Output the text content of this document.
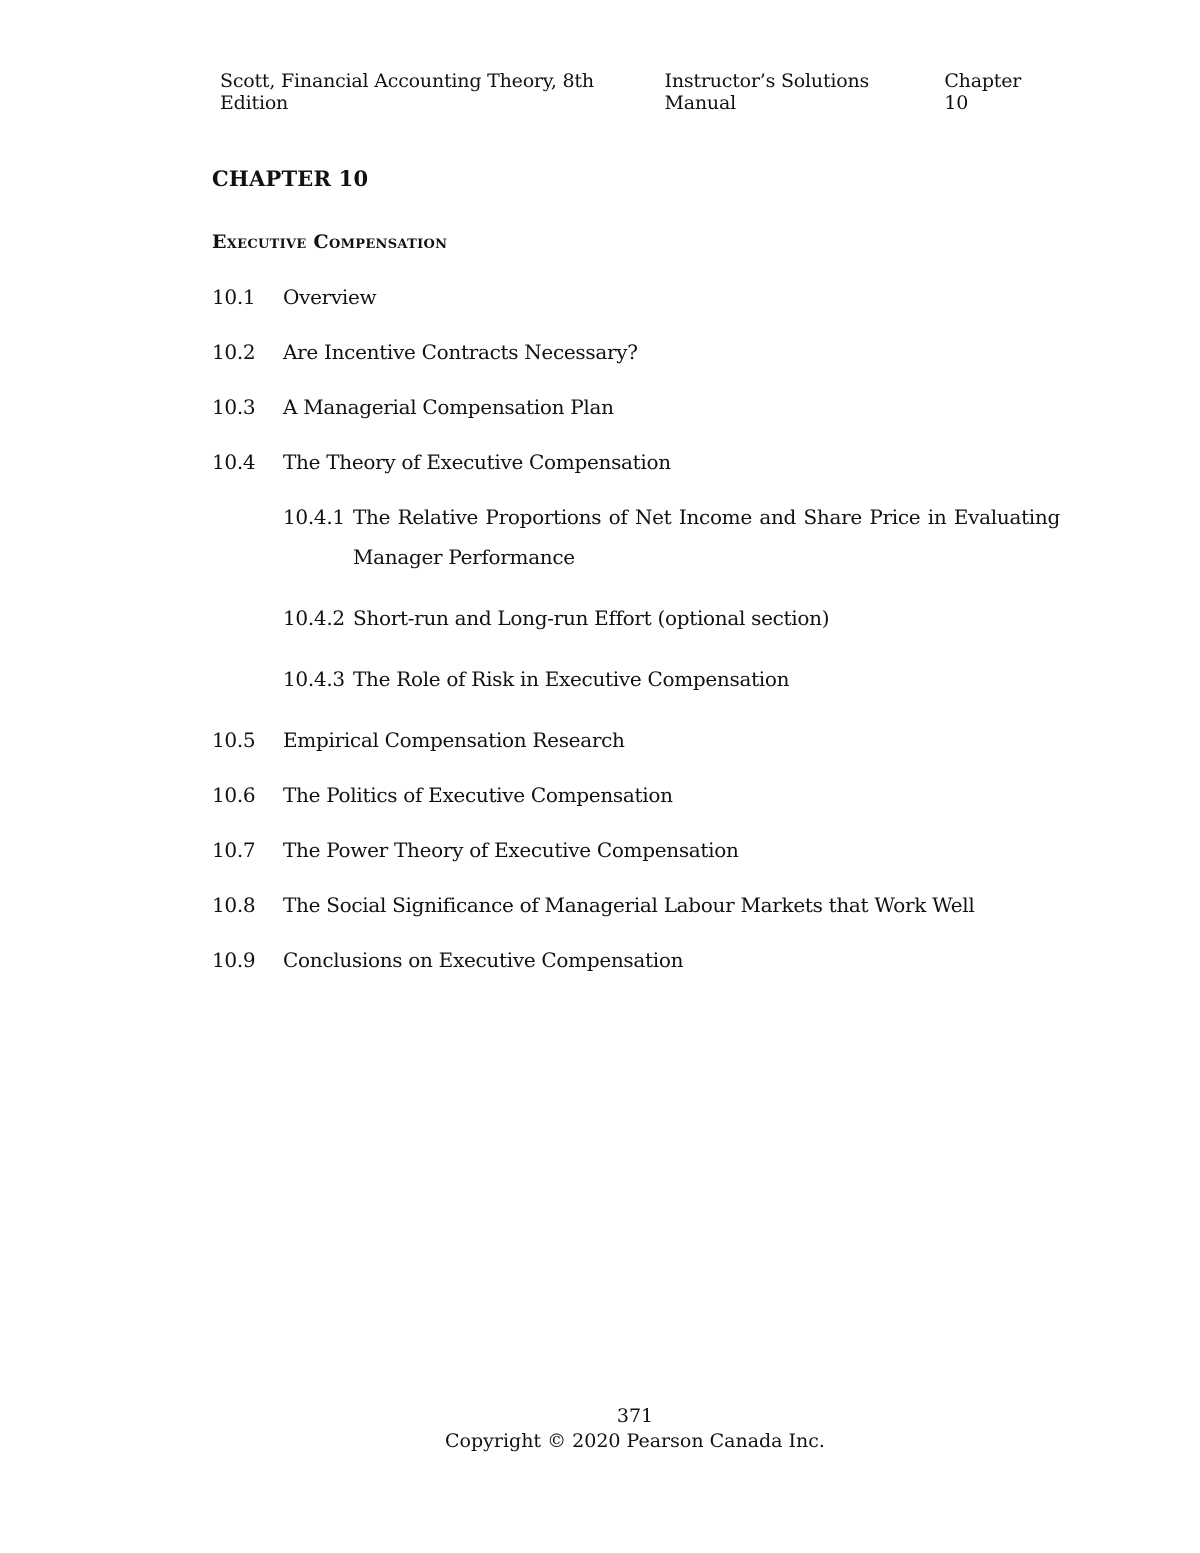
Scott, Financial Accounting Theory, 8th Edition
Instructor’s Solutions Manual
Chapter 10
CHAPTER 10
Executive Compensation
10.1	Overview
10.2	Are Incentive Contracts Necessary?
10.3	A Managerial Compensation Plan
10.4	The Theory of Executive Compensation
10.4.1 The Relative Proportions of Net Income and Share Price in Evaluating Manager Performance
10.4.2 Short-run and Long-run Effort (optional section)
10.4.3 The Role of Risk in Executive Compensation
10.5	Empirical Compensation Research
10.6	The Politics of Executive Compensation
10.7	The Power Theory of Executive Compensation
10.8	The Social Significance of Managerial Labour Markets that Work Well
10.9	Conclusions on Executive Compensation
371
Copyright © 2020 Pearson Canada Inc.
